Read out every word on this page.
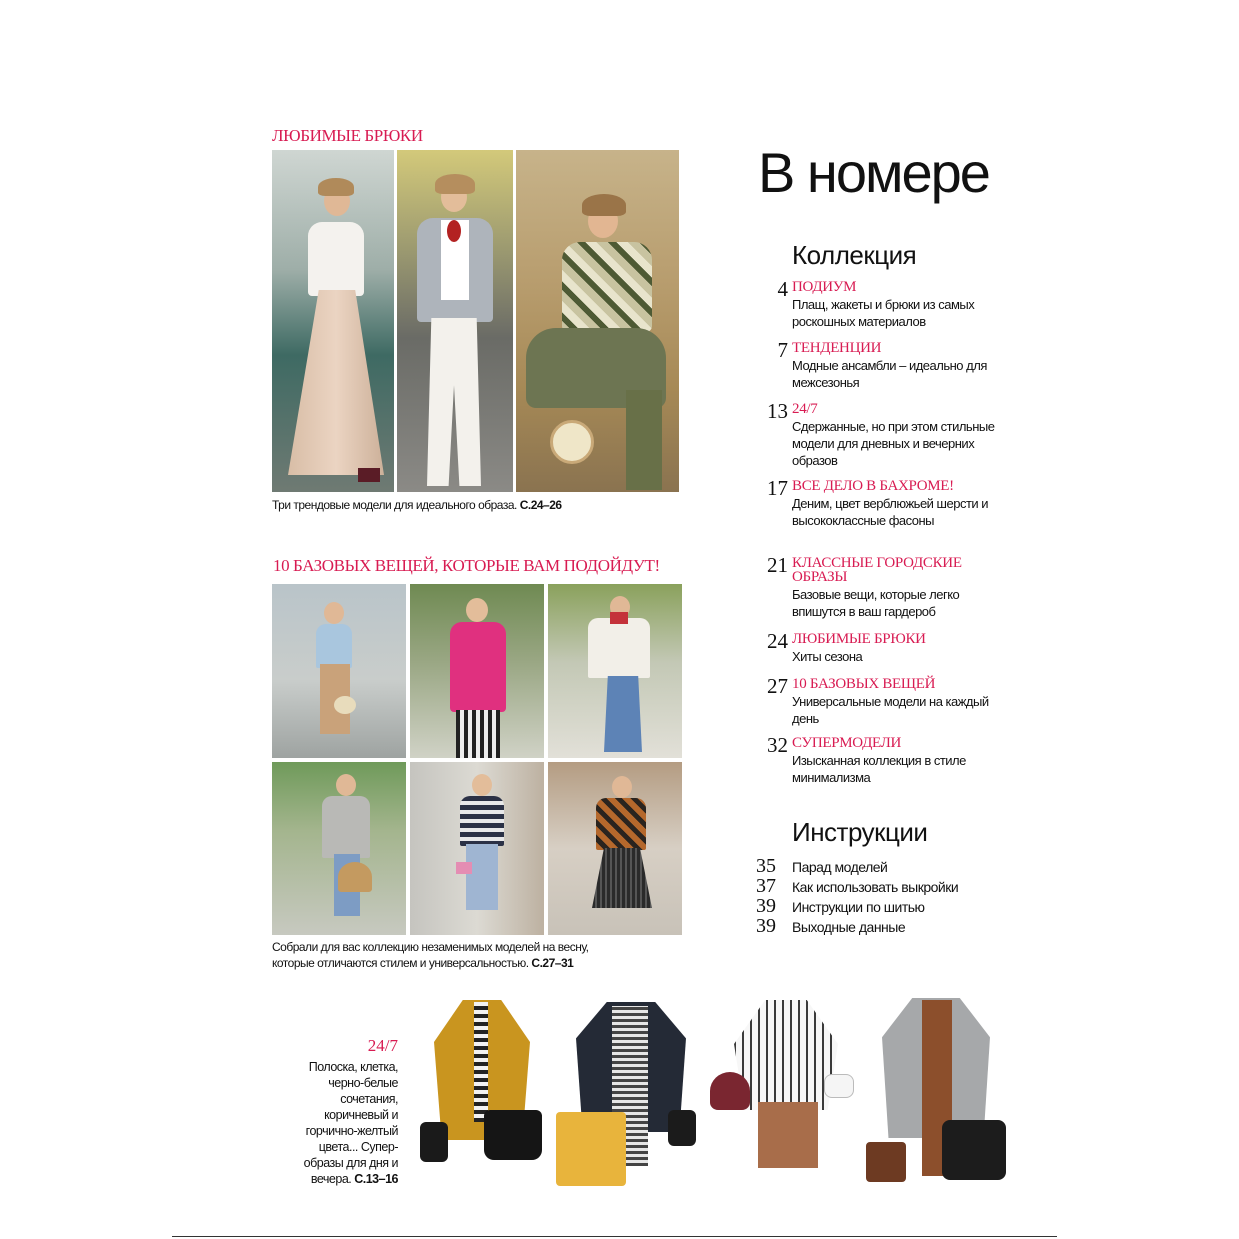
ЛЮБИМЫЕ БРЮКИ
Три трендовые модели для идеального образа. С.24–26
10 БАЗОВЫХ ВЕЩЕЙ, КОТОРЫЕ ВАМ ПОДОЙДУТ!
Собрали для вас коллекцию незаменимых моделей на весну,
которые отличаются стилем и универсальностью. С.27–31
24/7
Полоска, клетка, черно-белые сочетания, коричневый и горчично-желтый цвета... Супер-образы для дня и вечера. С.13–16
В номере
Коллекция
4 ПОДИУМ
Плащ, жакеты и брюки из самых роскошных материалов
7 ТЕНДЕНЦИИ
Модные ансамбли – идеально для межсезонья
13 24/7
Сдержанные, но при этом стильные модели для дневных и вечерних образов
17 ВСЕ ДЕЛО В БАХРОМЕ!
Деним, цвет верблюжьей шерсти и высококлассные фасоны
21 КЛАССНЫЕ ГОРОДСКИЕ ОБРАЗЫ
Базовые вещи, которые легко впишутся в ваш гардероб
24 ЛЮБИМЫЕ БРЮКИ
Хиты сезона
27 10 БАЗОВЫХ ВЕЩЕЙ
Универсальные модели на каждый день
32 СУПЕРМОДЕЛИ
Изысканная коллекция в стиле минимализма
Инструкции
35	Парад моделей
37	Как использовать выкройки
39	Инструкции по шитью
39	Выходные данные
